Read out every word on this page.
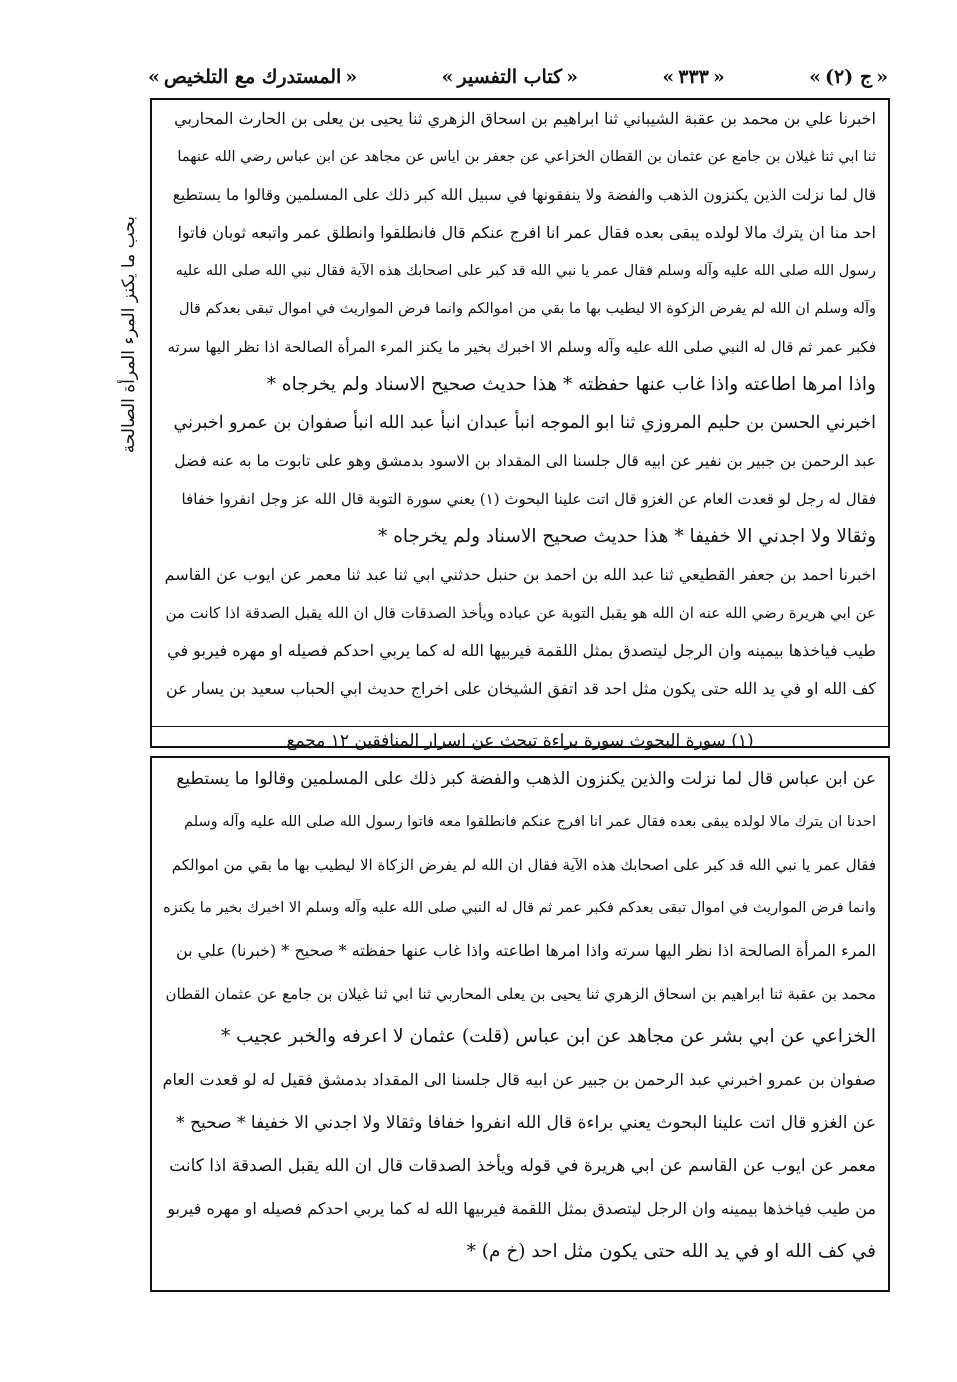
« المستدرك مع التلخيص »	« كتاب التفسير »	« ٣٣٣ »	« ج (٢) »
بحب ما يكنز المرء المرأة الصالحة
اخبرنا علي بن محمد بن عقبة الشيباني ثنا ابراهيم بن اسحاق الزهري ثنا يحيى بن يعلى بن الحارث المحاربي
ثنا ابي ثنا غيلان بن جامع عن عثمان بن القطان الخزاعي عن جعفر بن اياس عن مجاهد عن ابن عباس رضي الله عنهما
قال لما نزلت الذين يكنزون الذهب والفضة ولا ينفقونها في سبيل الله كبر ذلك على المسلمين وقالوا ما يستطيع
احد منا ان يترك مالا لولده يبقى بعده فقال عمر انا افرج عنكم قال فانطلقوا وانطلق عمر واتبعه ثوبان فاتوا
رسول الله صلى الله عليه وآله وسلم فقال عمر يا نبي الله قد كبر على اصحابك هذه الآية فقال نبي الله صلى الله عليه
وآله وسلم ان الله لم يفرض الزكوة الا ليطيب بها ما بقي من اموالكم وانما فرض المواريث في اموال تبقى بعدكم قال
فكبر عمر ثم قال له النبي صلى الله عليه وآله وسلم الا اخبرك بخير ما يكنز المرء المرأة الصالحة اذا نظر اليها سرته
واذا امرها اطاعته واذا غاب عنها حفظته * هذا حديث صحيح الاسناد ولم يخرجاه *
اخبرني الحسن بن حليم المروزي ثنا ابو الموجه انبأ عبدان انبأ عبد الله انبأ صفوان بن عمرو اخبرني
عبد الرحمن بن جبير بن نفير عن ابيه قال جلسنا الى المقداد بن الاسود بدمشق وهو على تابوت ما به عنه فضل
فقال له رجل لو قعدت العام عن الغزو قال اتت علينا البحوث (١) يعني سورة التوبة قال الله عز وجل انفروا خفافا
وثقالا ولا اجدني الا خفيفا * هذا حديث صحيح الاسناد ولم يخرجاه *
اخبرنا احمد بن جعفر القطيعي ثنا عبد الله بن احمد بن حنبل حدثني ابي ثنا عبد ثنا معمر عن ايوب عن القاسم
عن ابي هريرة رضي الله عنه ان الله هو يقبل التوبة عن عباده ويأخذ الصدقات قال ان الله يقبل الصدقة اذا كانت من
طيب فياخذها بيمينه وان الرجل ليتصدق بمثل اللقمة فيربيها الله له كما يربي احدكم فصيله او مهره فيربو في
كف الله او في يد الله حتى يكون مثل احد قد اتفق الشيخان على اخراج حديث ابي الحباب سعيد بن يسار عن
(١) سورة البحوث سورة براءة تبحث عن اسرار المنافقين ١٢ مجمع
عن ابن عباس قال لما نزلت والذين يكنزون الذهب والفضة كبر ذلك على المسلمين وقالوا ما يستطيع
احدنا ان يترك مالا لولده يبقى بعده فقال عمر انا افرج عنكم فانطلقوا معه فاتوا رسول الله صلى الله عليه وآله وسلم
فقال عمر يا نبي الله قد كبر على اصحابك هذه الآية فقال ان الله لم يفرض الزكاة الا ليطيب بها ما بقي من اموالكم
وانما فرض المواريث في اموال تبقى بعدكم فكبر عمر ثم قال له النبي صلى الله عليه وآله وسلم الا اخبرك بخير ما يكنزه
المرء المرأة الصالحة اذا نظر اليها سرته واذا امرها اطاعته واذا غاب عنها حفظته * صحيح * (خبرنا) علي بن
محمد بن عقبة ثنا ابراهيم بن اسحاق الزهري ثنا يحيى بن يعلى المحاربي ثنا ابي ثنا غيلان بن جامع عن عثمان القطان
الخزاعي عن ابي بشر عن مجاهد عن ابن عباس (قلت) عثمان لا اعرفه والخبر عجيب *
صفوان بن عمرو اخبرني عبد الرحمن بن جبير عن ابيه قال جلسنا الى المقداد بدمشق فقيل له لو قعدت العام
عن الغزو قال اتت علينا البحوث يعني براءة قال الله انفروا خفافا وثقالا ولا اجدني الا خفيفا * صحيح *
معمر عن ايوب عن القاسم عن ابي هريرة في قوله ويأخذ الصدقات قال ان الله يقبل الصدقة اذا كانت
من طيب فياخذها بيمينه وان الرجل ليتصدق بمثل اللقمة فيربيها الله له كما يربي احدكم فصيله او مهره فيربو
في كف الله او في يد الله حتى يكون مثل احد (خ م) *
